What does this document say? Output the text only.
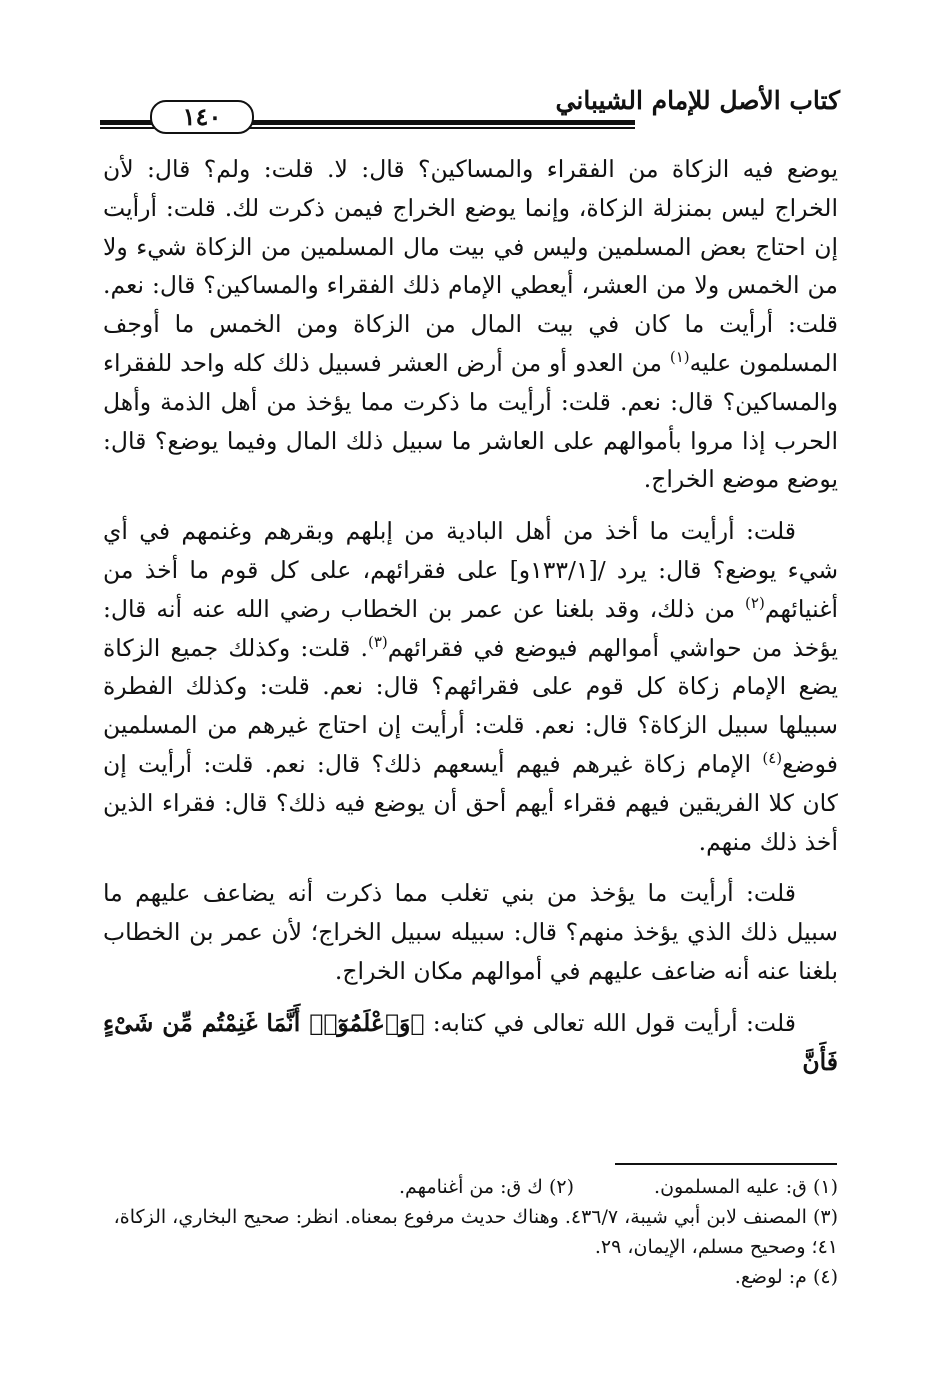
كتاب الأصل للإمام الشيباني
١٤٠

يوضع فيه الزكاة من الفقراء والمساكين؟ قال: لا. قلت: ولم؟ قال: لأن الخراج ليس بمنزلة الزكاة، وإنما يوضع الخراج فيمن ذكرت لك. قلت: أرأيت إن احتاج بعض المسلمين وليس في بيت مال المسلمين من الزكاة شيء ولا من الخمس ولا من العشر، أيعطي الإمام ذلك الفقراء والمساكين؟ قال: نعم. قلت: أرأيت ما كان في بيت المال من الزكاة ومن الخمس ما أوجف المسلمون عليه$^{(١)}$ من العدو أو من أرض العشر فسبيل ذلك كله واحد للفقراء والمساكين؟ قال: نعم. قلت: أرأيت ما ذكرت مما يؤخذ من أهل الذمة وأهل الحرب إذا مروا بأموالهم على العاشر ما سبيل ذلك المال وفيما يوضع؟ قال: يوضع موضع الخراج.

قلت: أرأيت ما أخذ من أهل البادية من إبلهم وبقرهم وغنمهم في أي شيء يوضع؟ قال: يرد /[١٣٣/١و] على فقرائهم، على كل قوم ما أخذ من أغنيائهم$^{(٢)}$ من ذلك، وقد بلغنا عن عمر بن الخطاب رضي الله عنه أنه قال: يؤخذ من حواشي أموالهم فيوضع في فقرائهم$^{(٣)}$. قلت: وكذلك جميع الزكاة يضع الإمام زكاة كل قوم على فقرائهم؟ قال: نعم. قلت: وكذلك الفطرة سبيلها سبيل الزكاة؟ قال: نعم. قلت: أرأيت إن احتاج غيرهم من المسلمين فوضع$^{(٤)}$ الإمام زكاة غيرهم فيهم أيسعهم ذلك؟ قال: نعم. قلت: أرأيت إن كان كلا الفريقين فيهم فقراء أيهم أحق أن يوضع فيه ذلك؟ قال: فقراء الذين أخذ ذلك منهم.

قلت: أرأيت ما يؤخذ من بني تغلب مما ذكرت أنه يضاعف عليهم ما سبيل ذلك الذي يؤخذ منهم؟ قال: سبيله سبيل الخراج؛ لأن عمر بن الخطاب بلغنا عنه أنه ضاعف عليهم في أموالهم مكان الخراج.

قلت: أرأيت قول الله تعالى في كتابه: ﴿وَٱعْلَمُوٓا۟ أَنَّمَا غَنِمْتُم مِّن شَىْءٍ فَأَنَّ

(١) ق: عليه المسلمون.
(٢) ك ق: من أغنامهم.

(٣) المصنف لابن أبي شيبة، ٤٣٦/٧. وهناك حديث مرفوع بمعناه. انظر: صحيح البخاري، الزكاة، ٤١؛ وصحيح مسلم، الإيمان، ٢٩.

(٤) م: لوضع.
